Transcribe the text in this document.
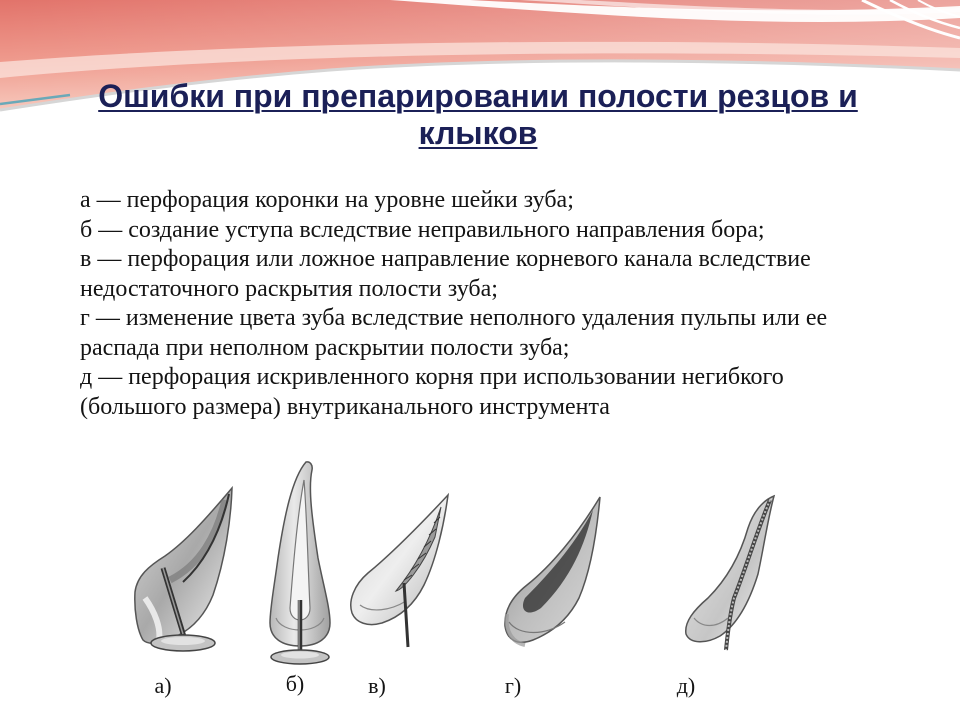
Ошибки при препарировании полости резцов и клыков
а — перфорация коронки на уровне шейки зуба;
б — создание уступа вследствие неправильного направления бора;
в — перфорация или ложное направление корневого канала вследствие
недостаточного раскрытия полости зуба;
г — изменение цвета зуба вследствие неполного удаления пульпы или ее
распада при неполном раскрытии полости зуба;
д — перфорация искривленного корня при использовании негибкого
(большого размера) внутриканального инструмента
а)	б)	в)	г)	д)
